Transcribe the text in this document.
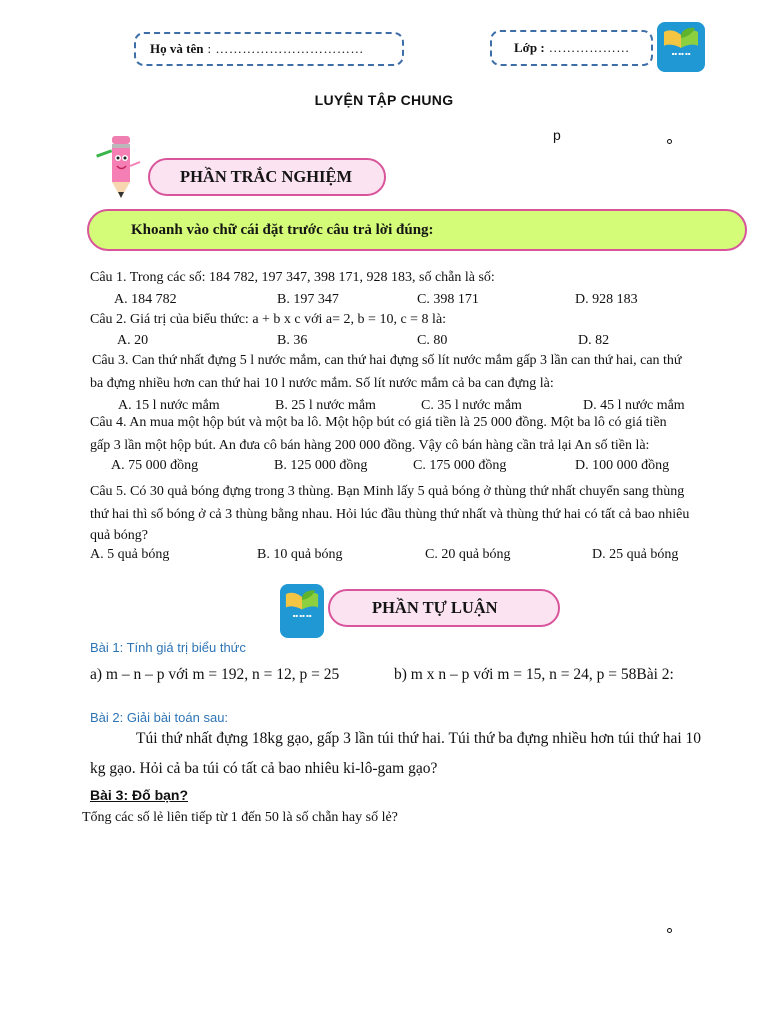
Họ và tên : ……………………………	Lớp : ………………	▪▪ ▪▪ ▪▪
LUYỆN TẬP CHUNG
p
PHẦN TRẮC NGHIỆM
Khoanh vào chữ cái đặt trước câu trả lời đúng:
Câu 1. Trong các số: 184 782, 197 347, 398 171, 928 183, số chẵn là số:
A. 184 782	B. 197 347	C. 398 171	D. 928 183
Câu 2. Giá trị của biểu thức: a + b x c với a= 2, b = 10, c = 8 là:
A. 20	B. 36	C. 80	D. 82
Câu 3. Can thứ nhất đựng 5 l nước mắm, can thứ hai đựng số lít nước mắm gấp 3 lần can thứ hai, can thứ
ba đựng nhiều hơn can thứ hai 10 l nước mắm. Số lít nước mắm cả ba can đựng là:
A. 15 l nước mắm	B. 25 l nước mắm	C. 35 l nước mắm	D. 45 l nước mắm
Câu 4. An mua một hộp bút và một ba lô. Một hộp bút có giá tiền là 25 000 đồng. Một ba lô có giá tiền
gấp 3 lần một hộp bút. An đưa cô bán hàng 200 000 đồng. Vậy cô bán hàng cần trả lại An số tiền là:
A. 75 000 đồng	B. 125 000 đồng	C. 175 000 đồng	D. 100 000 đồng
Câu 5. Có 30 quả bóng đựng trong 3 thùng. Bạn Minh lấy 5 quả bóng ở thùng thứ nhất chuyển sang thùng
thứ hai thì số bóng ở cả 3 thùng bằng nhau. Hỏi lúc đầu thùng thứ nhất và thùng thứ hai có tất cả bao nhiêu
quả bóng?
A. 5 quả bóng	B. 10 quả bóng	C. 20 quả bóng	D. 25 quả bóng
▪▪ ▪▪ ▪▪	PHẦN TỰ LUẬN
Bài 1: Tính giá trị biểu thức
a) m – n – p với m = 192, n = 12, p = 25	b) m x n – p với m = 15, n = 24, p = 58Bài 2:
Bài 2: Giải bài toán sau:
Túi thứ nhất đựng 18kg gạo, gấp 3 lần túi thứ hai. Túi thứ ba đựng nhiều hơn túi thứ hai 10
kg gạo. Hỏi cả ba túi có tất cả bao nhiêu ki-lô-gam gạo?
Bài 3: Đố bạn?
Tổng các số lẻ liên tiếp từ 1 đến 50 là số chẵn hay số lẻ?
